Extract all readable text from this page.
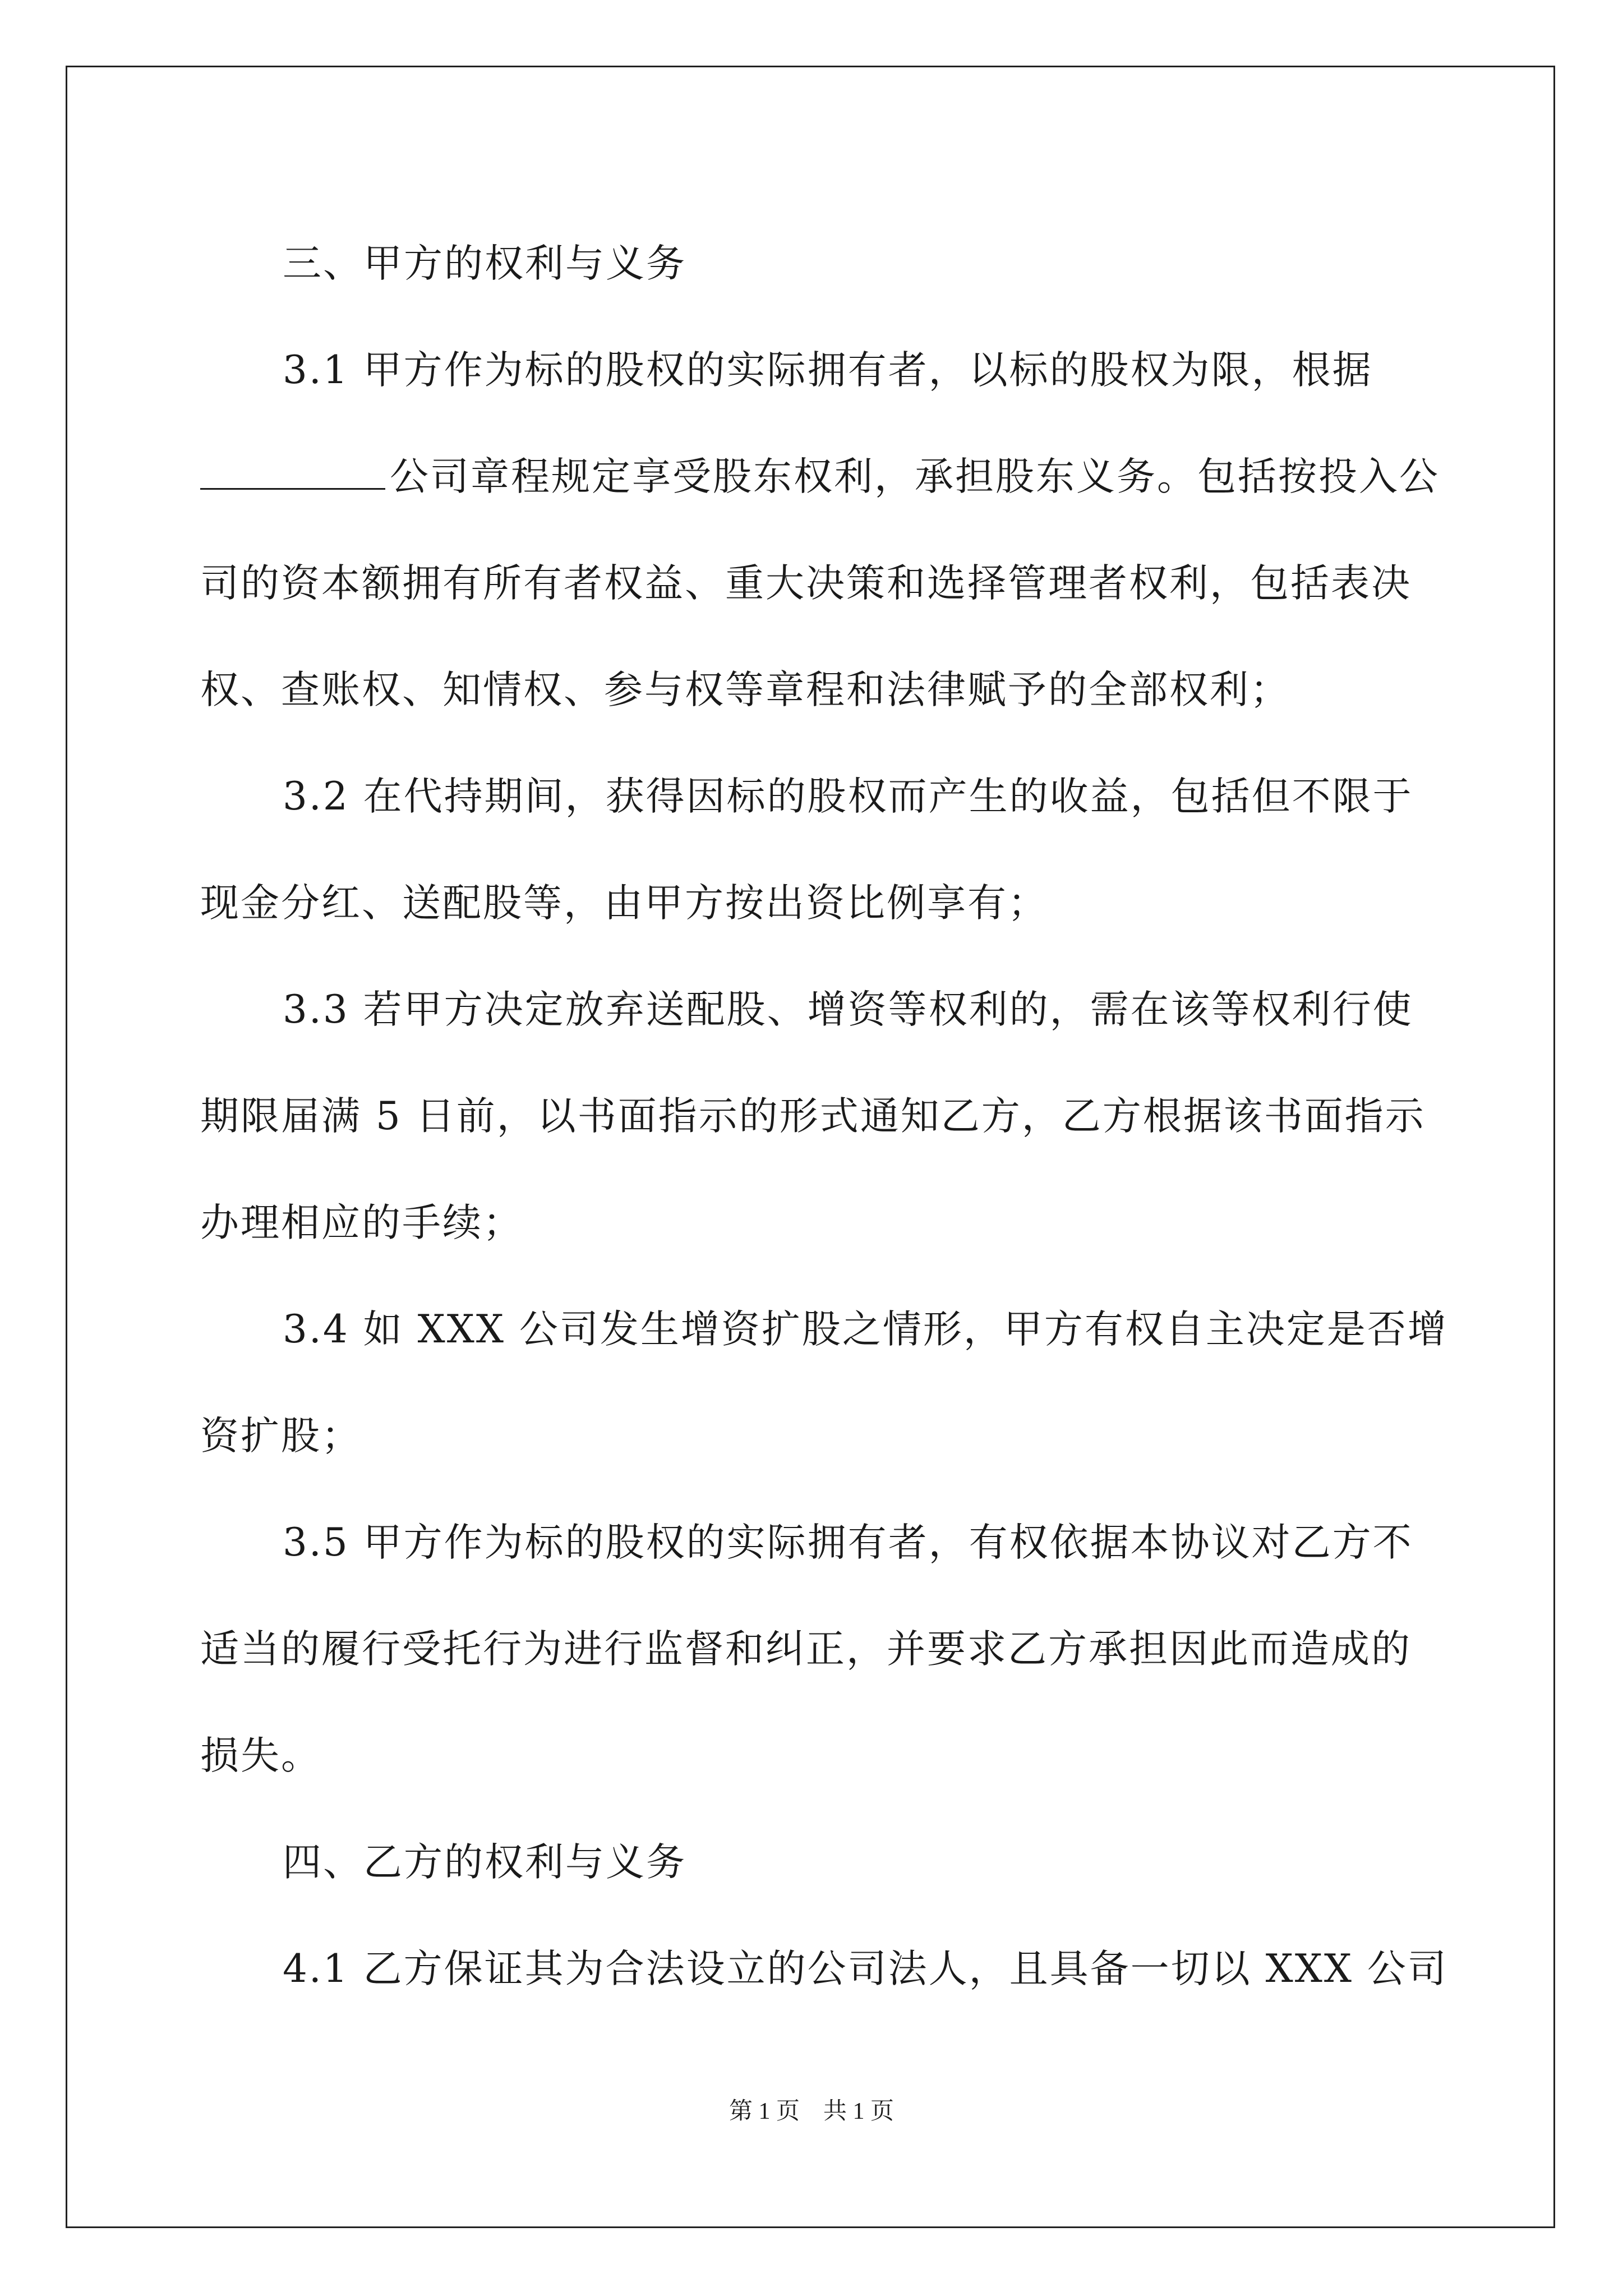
三、甲方的权利与义务
3.1 甲方作为标的股权的实际拥有者，以标的股权为限，根据
公司章程规定享受股东权利，承担股东义务。包括按投入公
司的资本额拥有所有者权益、重大决策和选择管理者权利，包括表决
权、查账权、知情权、参与权等章程和法律赋予的全部权利；
3.2 在代持期间，获得因标的股权而产生的收益，包括但不限于
现金分红、送配股等，由甲方按出资比例享有；
3.3 若甲方决定放弃送配股、增资等权利的，需在该等权利行使
期限届满 5 日前，以书面指示的形式通知乙方，乙方根据该书面指示
办理相应的手续；
3.4 如 XXX 公司发生增资扩股之情形，甲方有权自主决定是否增
资扩股；
3.5 甲方作为标的股权的实际拥有者，有权依据本协议对乙方不
适当的履行受托行为进行监督和纠正，并要求乙方承担因此而造成的
损失。
四、乙方的权利与义务
4.1 乙方保证其为合法设立的公司法人，且具备一切以 XXX 公司
第 1 页　共 1 页
